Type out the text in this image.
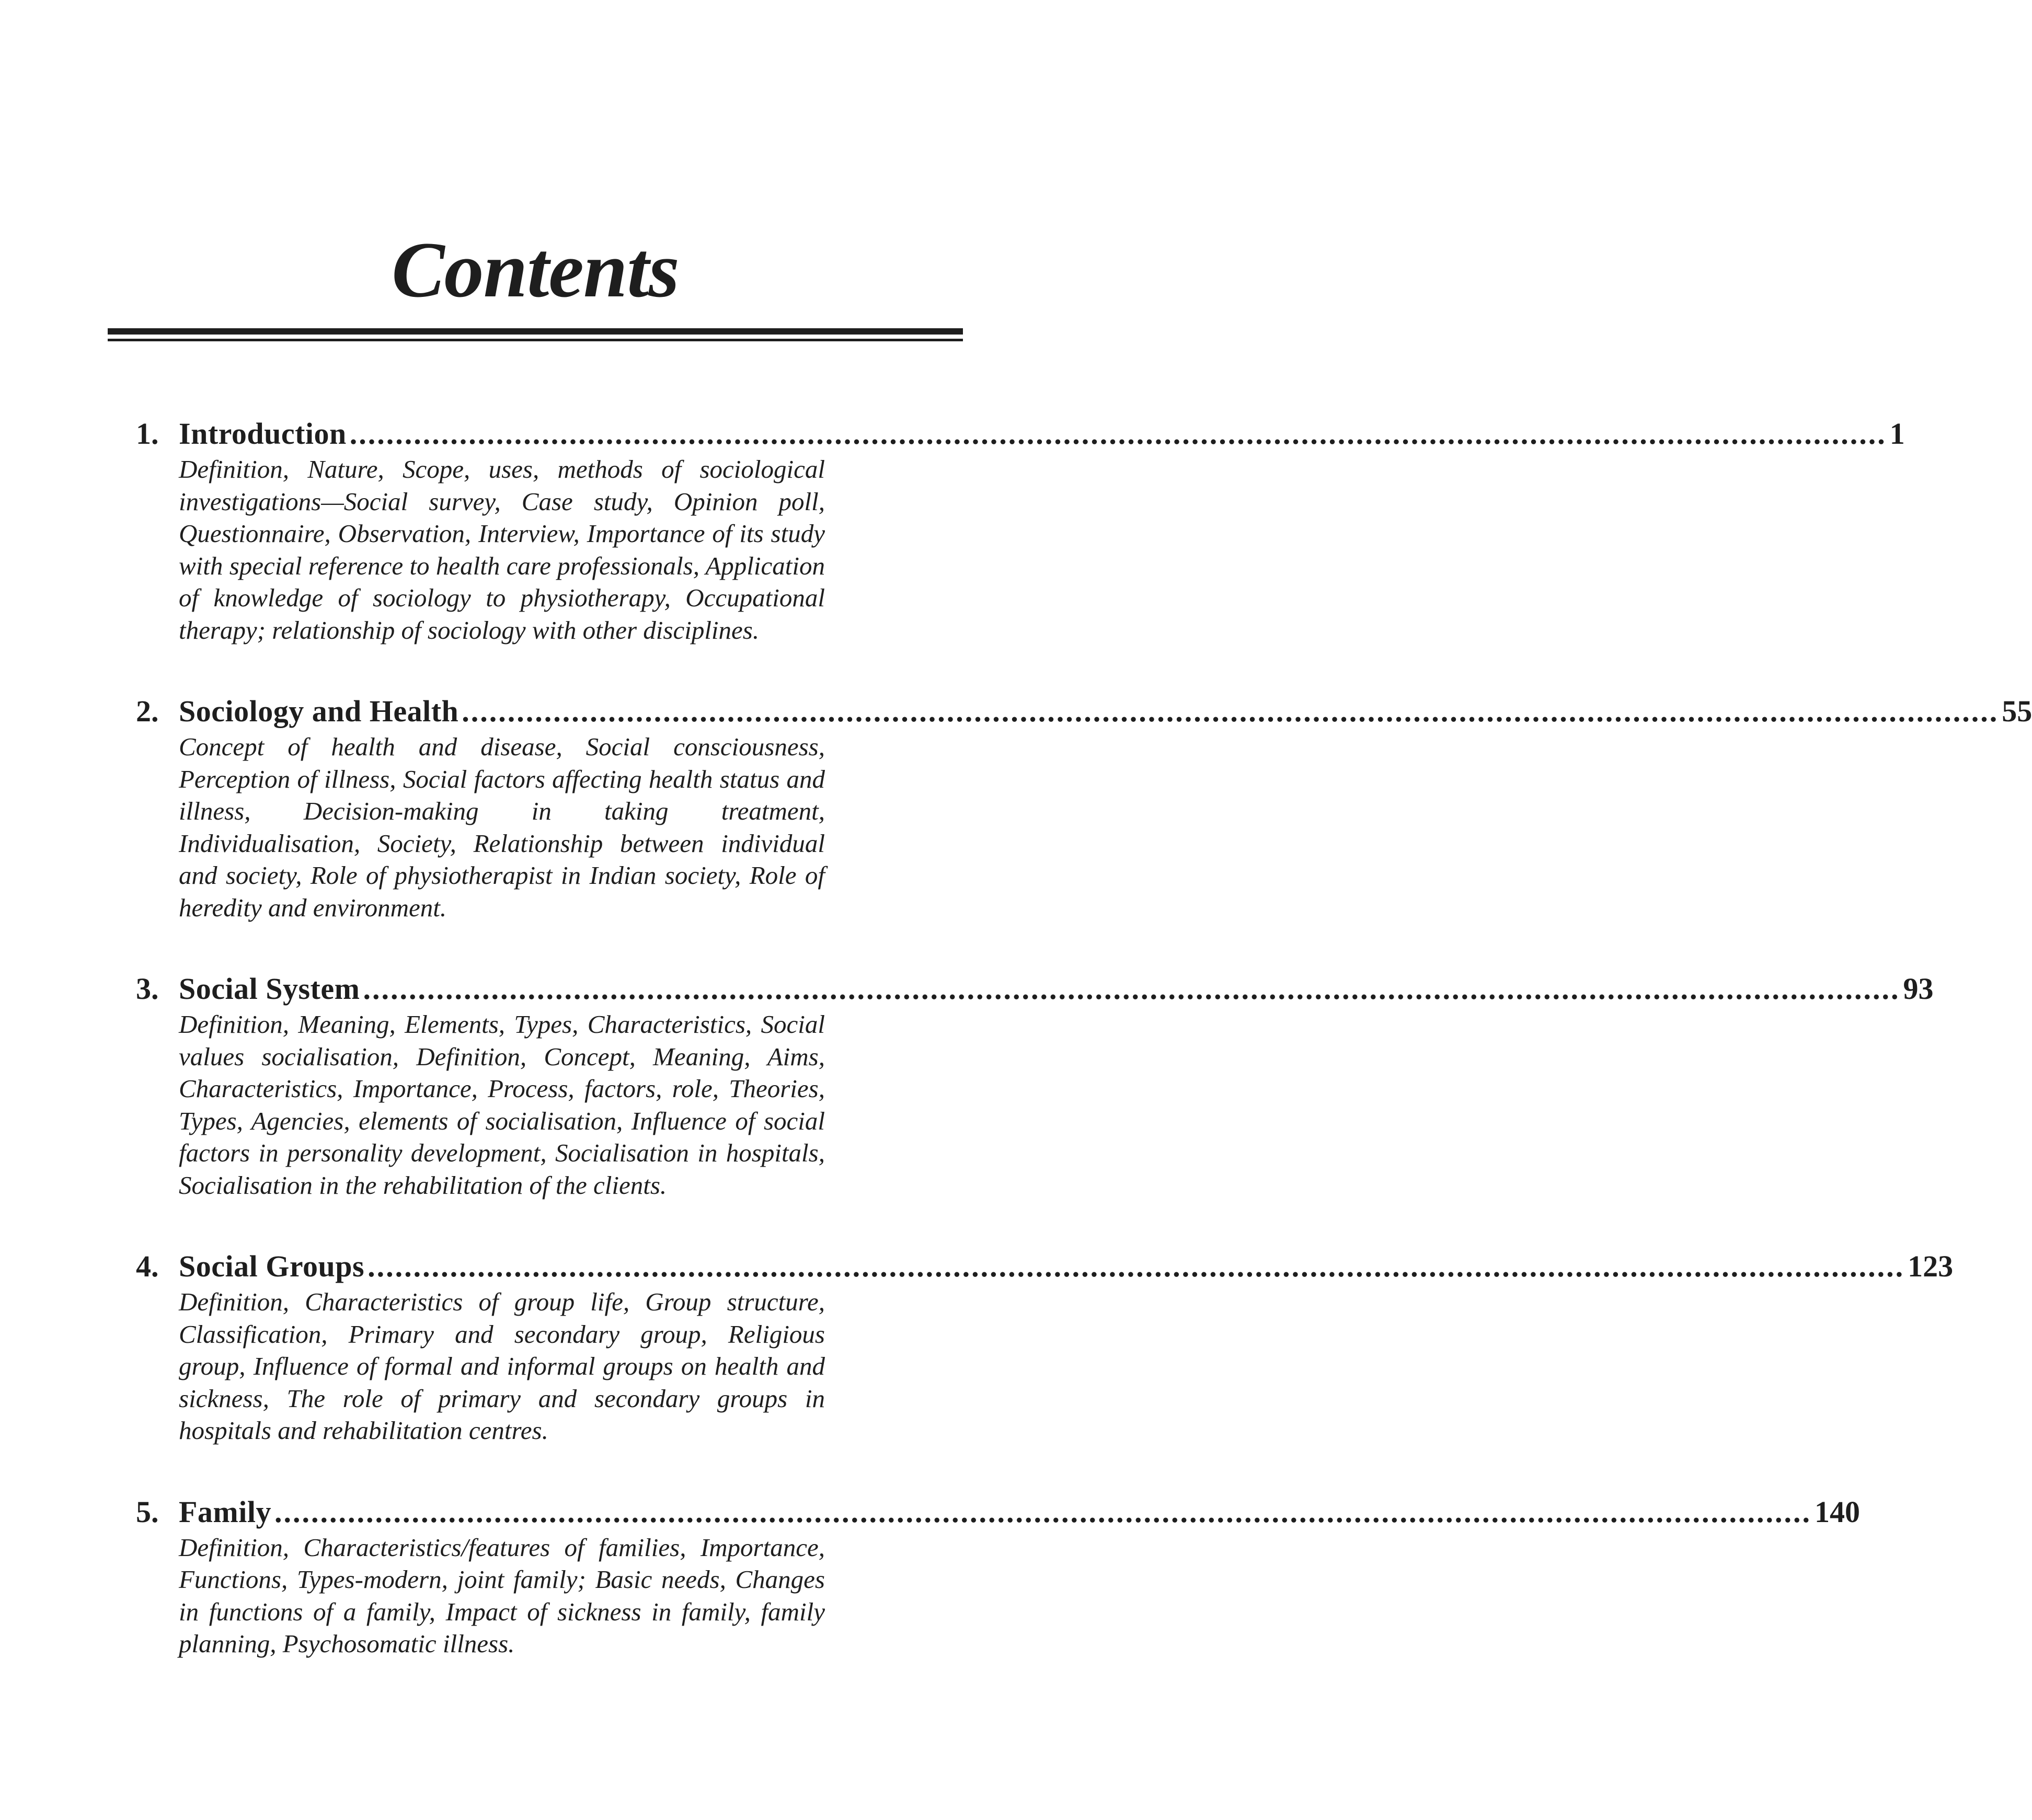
Contents
1. Introduction ........................................................................................................................................................................ 1
Definition, Nature, Scope, uses, methods of sociological investigations—Social survey, Case study, Opinion poll, Questionnaire, Observation, Interview, Importance of its study with special reference to health care professionals, Application of knowledge of sociology to physiotherapy, Occupational therapy; relationship of sociology with other disciplines.
2. Sociology and Health ........................................................................................................................................................................ 55
Concept of health and disease, Social consciousness, Perception of illness, Social factors affecting health status and illness, Decision-making in taking treatment, Individualisation, Society, Relationship between individual and society, Role of physiotherapist in Indian society, Role of heredity and environment.
3. Social System ........................................................................................................................................................................ 93
Definition, Meaning, Elements, Types, Characteristics, Social values socialisation, Definition, Concept, Meaning, Aims, Characteristics, Importance, Process, factors, role, Theories, Types, Agencies, elements of socialisation, Influence of social factors in personality development, Socialisation in hospitals, Socialisation in the rehabilitation of the clients.
4. Social Groups ........................................................................................................................................................................ 123
Definition, Characteristics of group life, Group structure, Classification, Primary and secondary group, Religious group, Influence of formal and informal groups on health and sickness, The role of primary and secondary groups in hospitals and rehabilitation centres.
5. Family ........................................................................................................................................................................ 140
Definition, Characteristics/features of families, Importance, Functions, Types-modern, joint family; Basic needs, Changes in functions of a family, Impact of sickness in family, family planning, Psychosomatic illness.
